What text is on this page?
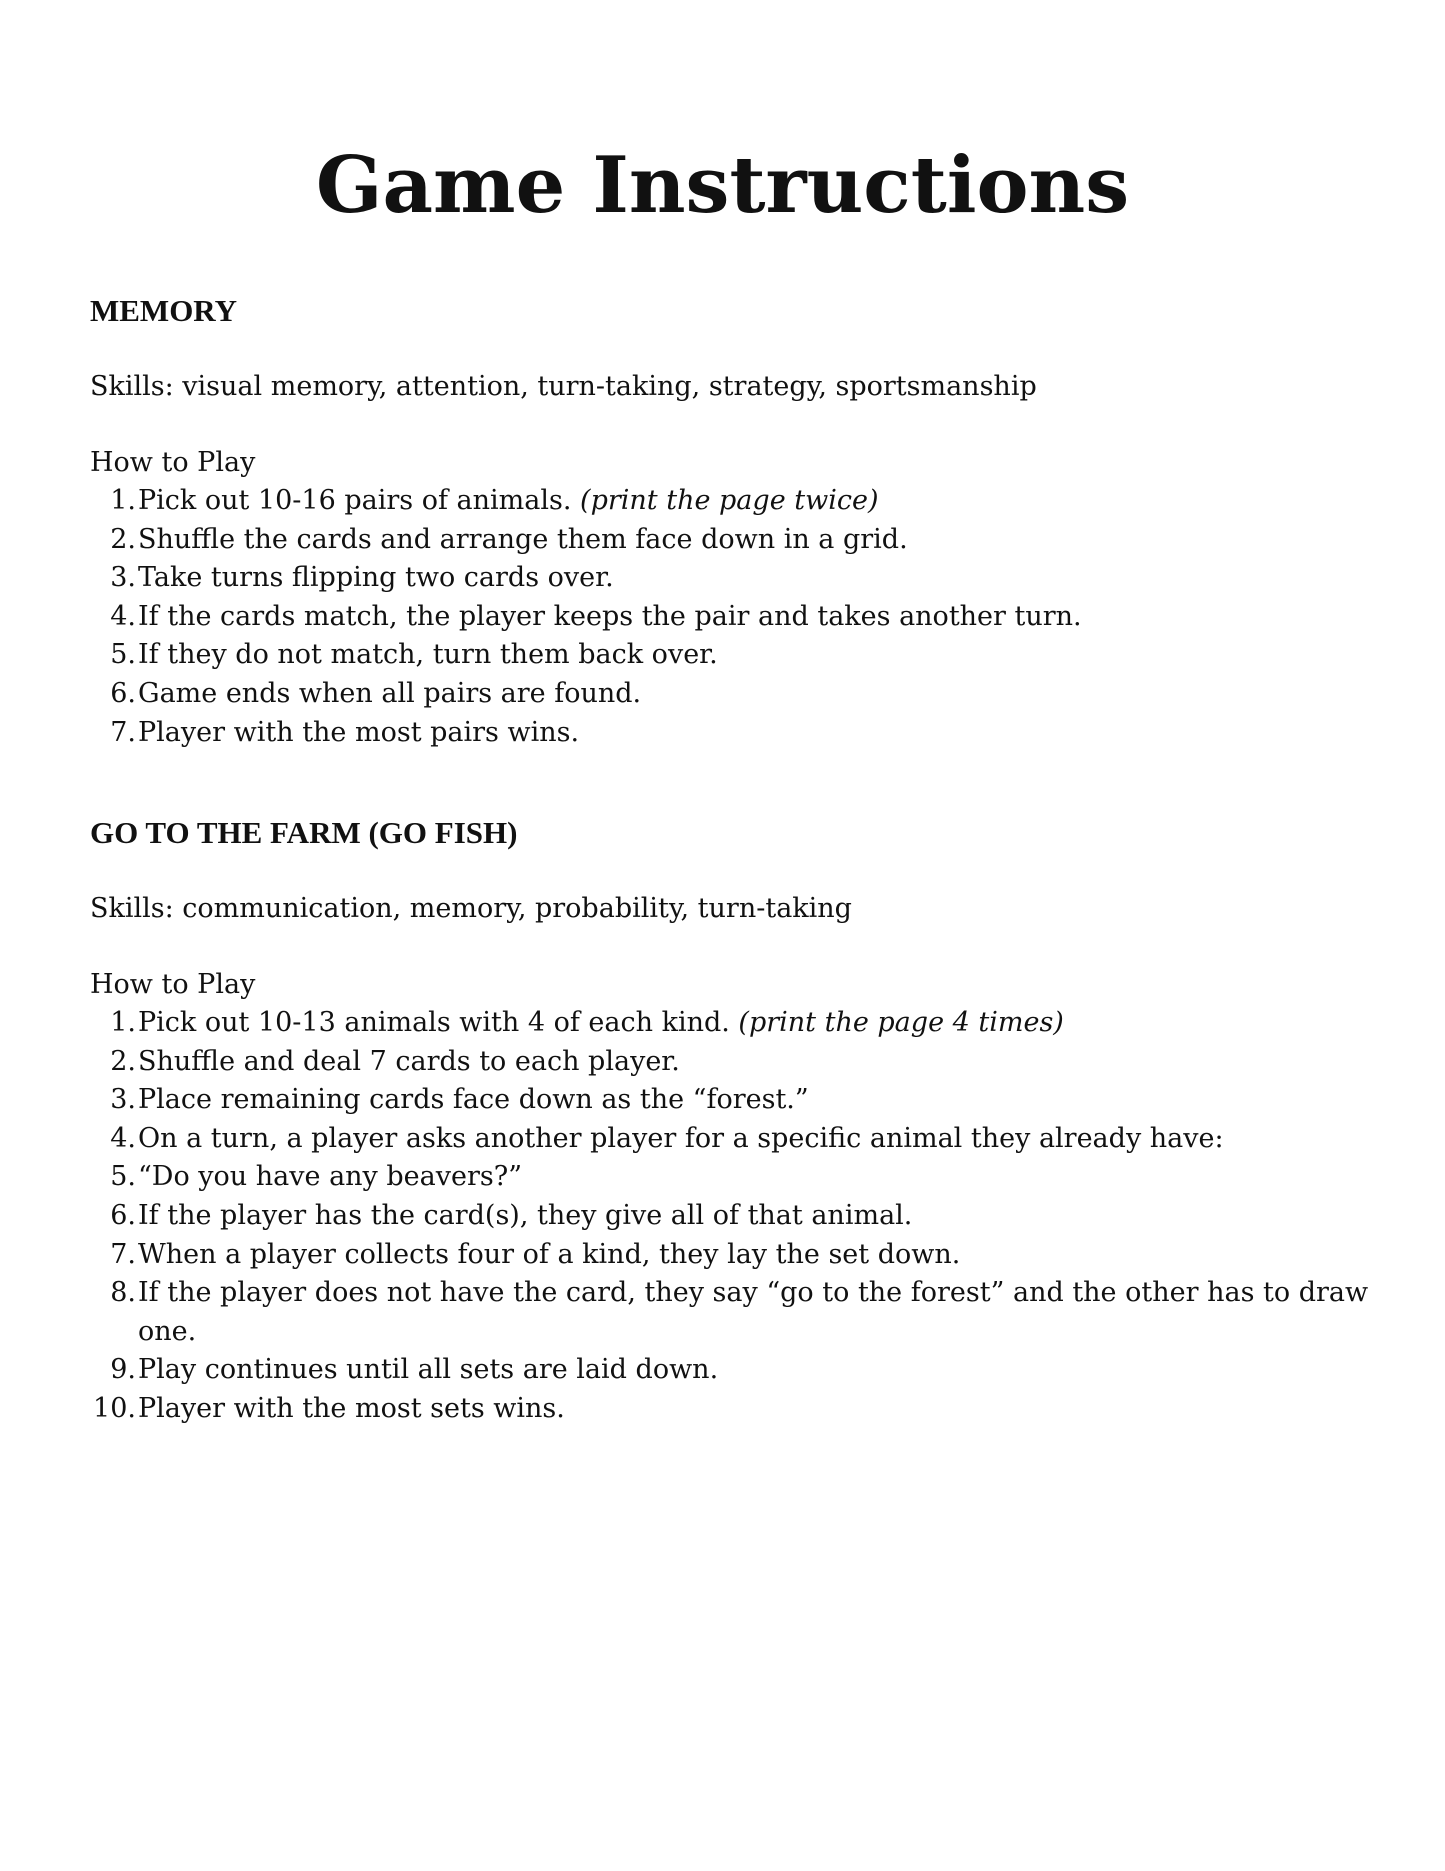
Game Instructions
MEMORY

Skills: visual memory, attention, turn-taking, strategy, sportsmanship

How to Play

1. Pick out 10-16 pairs of animals. (print the page twice)
2. Shuffle the cards and arrange them face down in a grid.
3. Take turns flipping two cards over.
4. If the cards match, the player keeps the pair and takes another turn.
5. If they do not match, turn them back over.
6. Game ends when all pairs are found.
7. Player with the most pairs wins.
GO TO THE FARM (GO FISH)

Skills: communication, memory, probability, turn-taking

How to Play

1. Pick out 10-13 animals with 4 of each kind. (print the page 4 times)
2. Shuffle and deal 7 cards to each player.
3. Place remaining cards face down as the “forest.”
4. On a turn, a player asks another player for a specific animal they already have:
5. “Do you have any beavers?”
6. If the player has the card(s), they give all of that animal.
7. When a player collects four of a kind, they lay the set down.
8. If the player does not have the card, they say “go to the forest” and the other has to draw one.
9. Play continues until all sets are laid down.
10. Player with the most sets wins.
